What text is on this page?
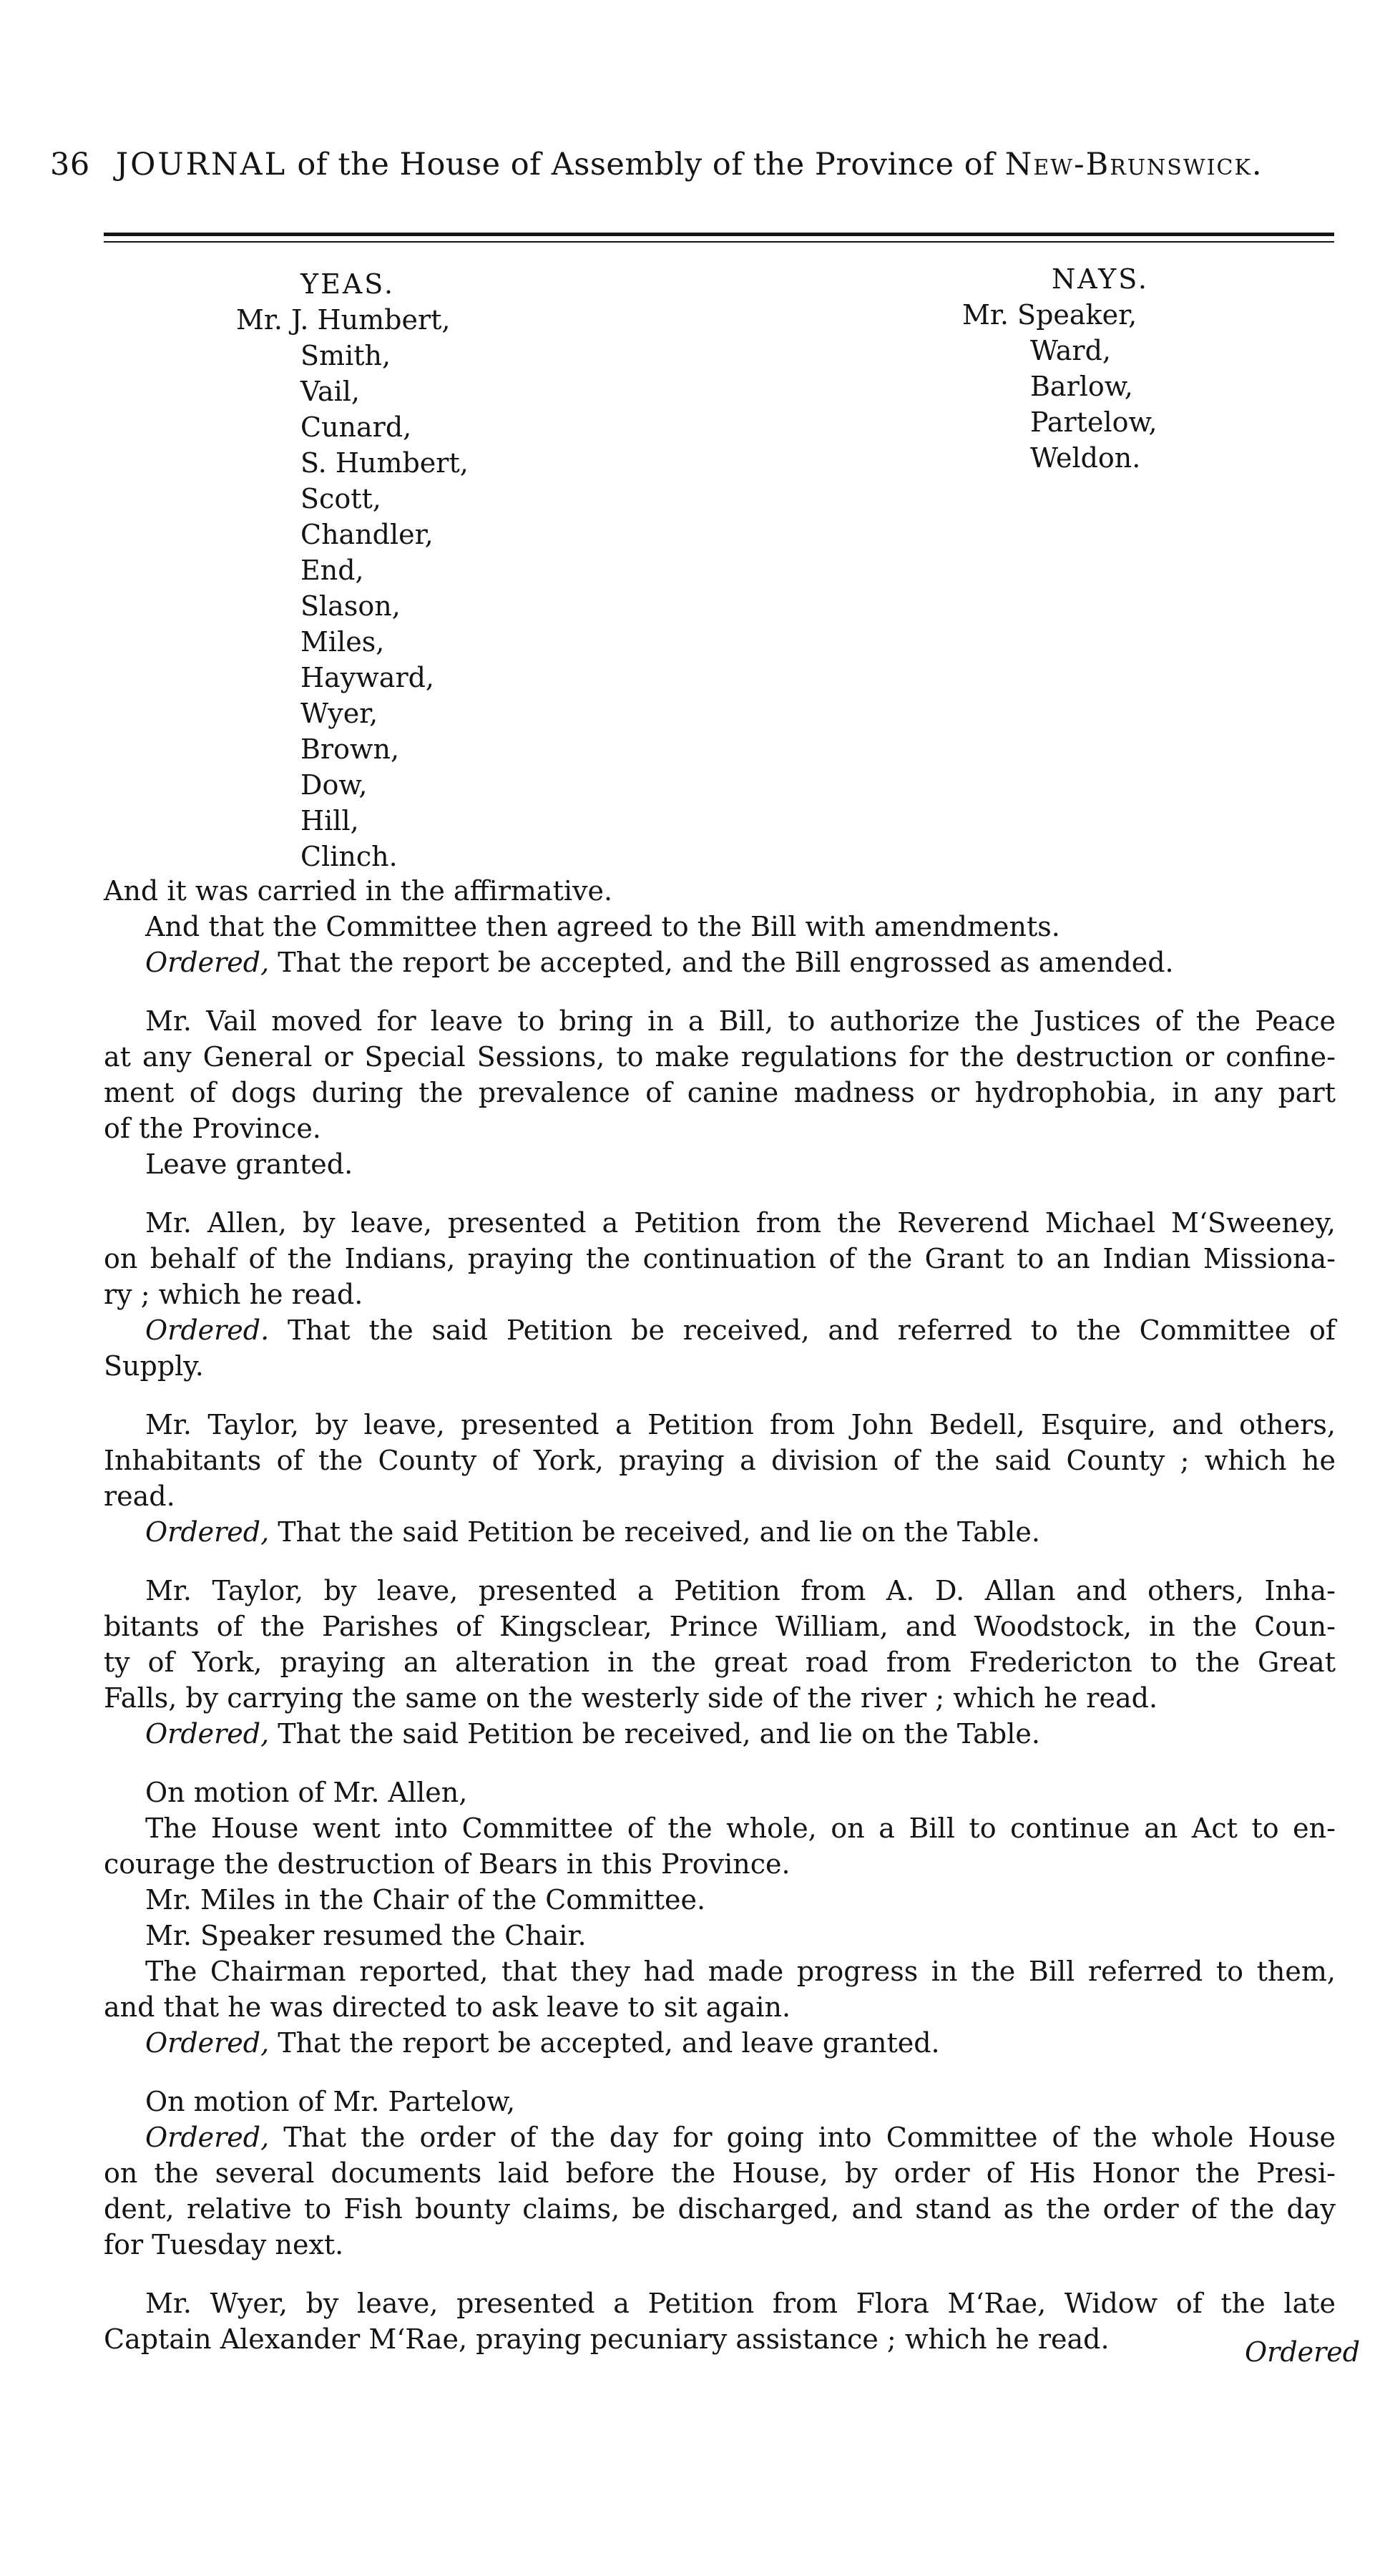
36 JOURNAL of the House of Assembly of the Province of New-Brunswick.
YEAS.
Mr. J. Humbert,
Smith,
Vail,
Cunard,
S. Humbert,
Scott,
Chandler,
End,
Slason,
Miles,
Hayward,
Wyer,
Brown,
Dow,
Hill,
Clinch.
NAYS.
Mr. Speaker,
Ward,
Barlow,
Partelow,
Weldon.
And it was carried in the affirmative.
And that the Committee then agreed to the Bill with amendments.
Ordered, That the report be accepted, and the Bill engrossed as amended.
Mr. Vail moved for leave to bring in a Bill, to authorize the Justices of the Peace
at any General or Special Sessions, to make regulations for the destruction or confine-
ment of dogs during the prevalence of canine madness or hydrophobia, in any part
of the Province.
Leave granted.
Mr. Allen, by leave, presented a Petition from the Reverend Michael M‘Sweeney,
on behalf of the Indians, praying the continuation of the Grant to an Indian Missiona-
ry ; which he read.
Ordered. That the said Petition be received, and referred to the Committee of
Supply.
Mr. Taylor, by leave, presented a Petition from John Bedell, Esquire, and others,
Inhabitants of the County of York, praying a division of the said County ; which he
read.
Ordered, That the said Petition be received, and lie on the Table.
Mr. Taylor, by leave, presented a Petition from A. D. Allan and others, Inha-
bitants of the Parishes of Kingsclear, Prince William, and Woodstock, in the Coun-
ty of York, praying an alteration in the great road from Fredericton to the Great
Falls, by carrying the same on the westerly side of the river ; which he read.
Ordered, That the said Petition be received, and lie on the Table.
On motion of Mr. Allen,
The House went into Committee of the whole, on a Bill to continue an Act to en-
courage the destruction of Bears in this Province.
Mr. Miles in the Chair of the Committee.
Mr. Speaker resumed the Chair.
The Chairman reported, that they had made progress in the Bill referred to them,
and that he was directed to ask leave to sit again.
Ordered, That the report be accepted, and leave granted.
On motion of Mr. Partelow,
Ordered, That the order of the day for going into Committee of the whole House
on the several documents laid before the House, by order of His Honor the Presi-
dent, relative to Fish bounty claims, be discharged, and stand as the order of the day
for Tuesday next.
Mr. Wyer, by leave, presented a Petition from Flora M‘Rae, Widow of the late
Captain Alexander M‘Rae, praying pecuniary assistance ; which he read.	Ordered
